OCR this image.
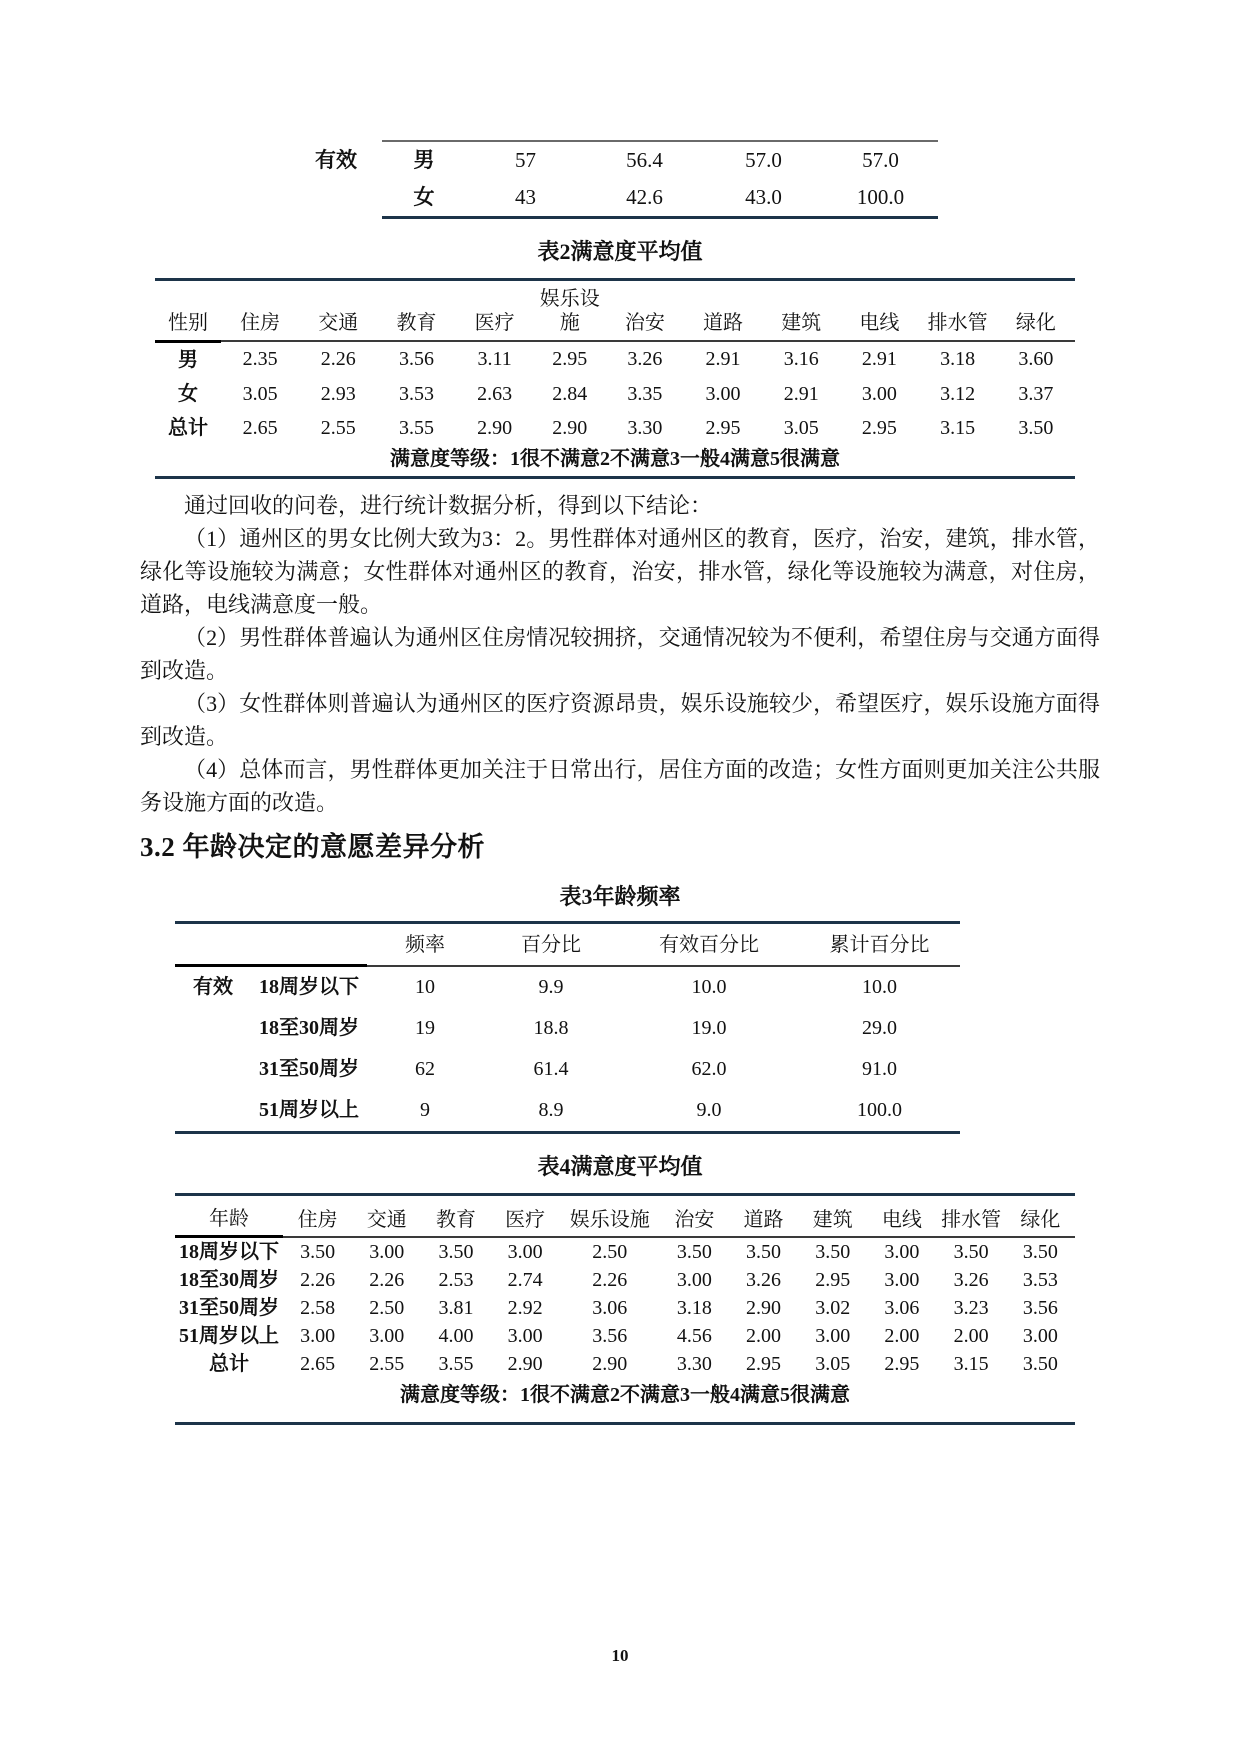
有效	男	57	56.4	57.0	57.0
	女	43	42.6	43.0	100.0
表2满意度平均值
性别	住房	交通	教育	医疗	娱乐设施	治安	道路	建筑	电线	排水管	绿化
男	2.35	2.26	3.56	3.11	2.95	3.26	2.91	3.16	2.91	3.18	3.60
女	3.05	2.93	3.53	2.63	2.84	3.35	3.00	2.91	3.00	3.12	3.37
总计	2.65	2.55	3.55	2.90	2.90	3.30	2.95	3.05	2.95	3.15	3.50
满意度等级：1很不满意2不满意3一般4满意5很满意											

通过回收的问卷，进行统计数据分析，得到以下结论：

（1）通州区的男女比例大致为3：2。男性群体对通州区的教育，医疗，治安，建筑，排水管，绿化等设施较为满意；女性群体对通州区的教育，治安，排水管，绿化等设施较为满意，对住房，道路，电线满意度一般。

（2）男性群体普遍认为通州区住房情况较拥挤，交通情况较为不便利，希望住房与交通方面得到改造。

（3）女性群体则普遍认为通州区的医疗资源昂贵，娱乐设施较少，希望医疗，娱乐设施方面得到改造。

（4）总体而言，男性群体更加关注于日常出行，居住方面的改造；女性方面则更加关注公共服务设施方面的改造。

3.2 年龄决定的意愿差异分析
表3年龄频率
		频率	百分比	有效百分比	累计百分比
有效	18周岁以下	10	9.9	10.0	10.0
	18至30周岁	19	18.8	19.0	29.0
	31至50周岁	62	61.4	62.0	91.0
	51周岁以上	9	8.9	9.0	100.0
表4满意度平均值
年龄	住房	交通	教育	医疗	娱乐设施	治安	道路	建筑	电线	排水管	绿化
18周岁以下	3.50	3.00	3.50	3.00	2.50	3.50	3.50	3.50	3.00	3.50	3.50
18至30周岁	2.26	2.26	2.53	2.74	2.26	3.00	3.26	2.95	3.00	3.26	3.53
31至50周岁	2.58	2.50	3.81	2.92	3.06	3.18	2.90	3.02	3.06	3.23	3.56
51周岁以上	3.00	3.00	4.00	3.00	3.56	4.56	2.00	3.00	2.00	2.00	3.00
总计	2.65	2.55	3.55	2.90	2.90	3.30	2.95	3.05	2.95	3.15	3.50
满意度等级：1很不满意2不满意3一般4满意5很满意											
10
